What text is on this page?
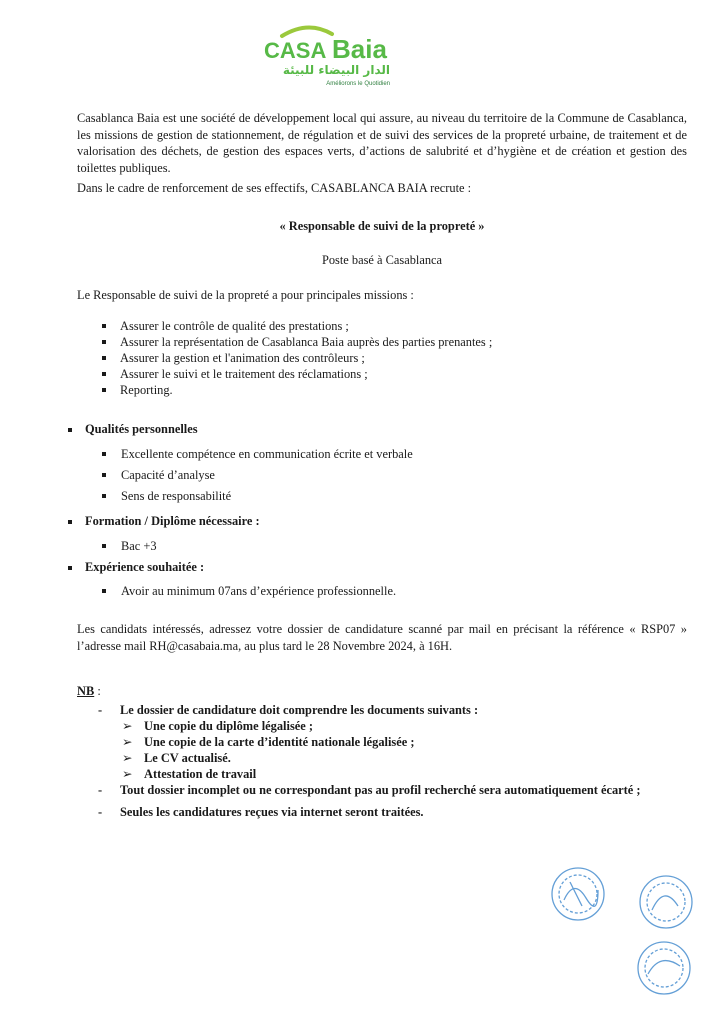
CASA Baia
الدار البيضاء للبيئة
Améliorons le Quotidien

Casablanca Baia est une société de développement local qui assure, au niveau du territoire de la Commune de Casablanca, les missions de gestion de stationnement, de régulation et de suivi des services de la propreté urbaine, de traitement et de valorisation des déchets, de gestion des espaces verts, d’actions de salubrité et d’hygiène et de création et gestion des toilettes publiques.

Dans le cadre de renforcement de ses effectifs, CASABLANCA BAIA recrute :

« Responsable de suivi de la propreté »

Poste basé à Casablanca

Le Responsable de suivi de la propreté a pour principales missions :

Assurer le contrôle de qualité des prestations ;
Assurer la représentation de Casablanca Baia auprès des parties prenantes ;
Assurer la gestion et l'animation des contrôleurs ;
Assurer le suivi et le traitement des réclamations ;
Reporting.

Qualités personnelles

Excellente compétence en communication écrite et verbale
Capacité d’analyse
Sens de responsabilité

Formation / Diplôme nécessaire :

Bac +3

Expérience souhaitée :

Avoir au minimum 07ans d’expérience professionnelle.

Les candidats intéressés, adressez votre dossier de candidature scanné par mail en précisant la référence « RSP07 » l’adresse mail RH@casabaia.ma, au plus tard le 28 Novembre 2024, à 16H.

NB :

- Le dossier de candidature doit comprendre les documents suivants :
➢ Une copie du diplôme légalisée ;
➢ Une copie de la carte d’identité nationale légalisée ;
➢ Le CV actualisé.
➢ Attestation de travail
- Tout dossier incomplet ou ne correspondant pas au profil recherché sera automatiquement écarté ;
- Seules les candidatures reçues via internet seront traitées.
